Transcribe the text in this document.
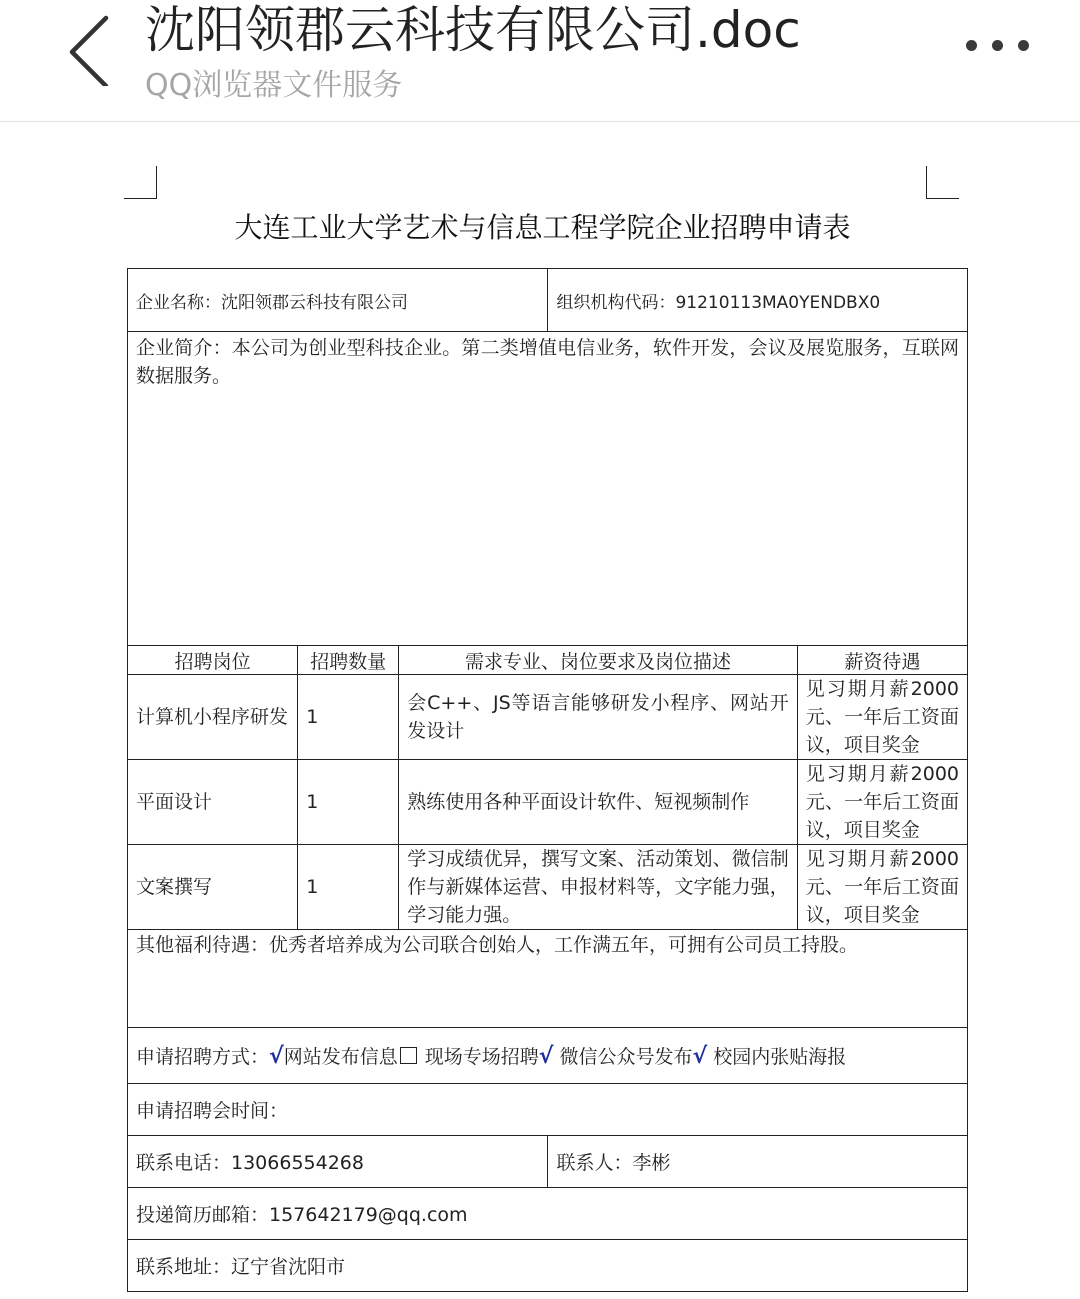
沈阳领郡云科技有限公司.doc
QQ浏览器文件服务
大连工业大学艺术与信息工程学院企业招聘申请表
企业名称：沈阳领郡云科技有限公司			组织机构代码：91210113MA0YENDBX0	
企业简介：本公司为创业型科技企业。第二类增值电信业务，软件开发，会议及展览服务，互联网数据服务。				
招聘岗位	招聘数量	需求专业、岗位要求及岗位描述		薪资待遇
计算机小程序研发	1	会C++、JS等语言能够研发小程序、网站开发设计		见习期月薪2000元、一年后工资面议，项目奖金
平面设计	1	熟练使用各种平面设计软件、短视频制作		见习期月薪2000元、一年后工资面议，项目奖金
文案撰写	1	学习成绩优异，撰写文案、活动策划、微信制作与新媒体运营、申报材料等，文字能力强，学习能力强。		见习期月薪2000元、一年后工资面议，项目奖金
其他福利待遇：优秀者培养成为公司联合创始人，工作满五年，可拥有公司员工持股。				
申请招聘方式：√网站发布信息 现场专场招聘√ 微信公众号发布√ 校园内张贴海报				
申请招聘会时间：				
联系电话：13066554268			联系人：李彬	
投递简历邮箱：157642179@qq.com				
联系地址：辽宁省沈阳市				
